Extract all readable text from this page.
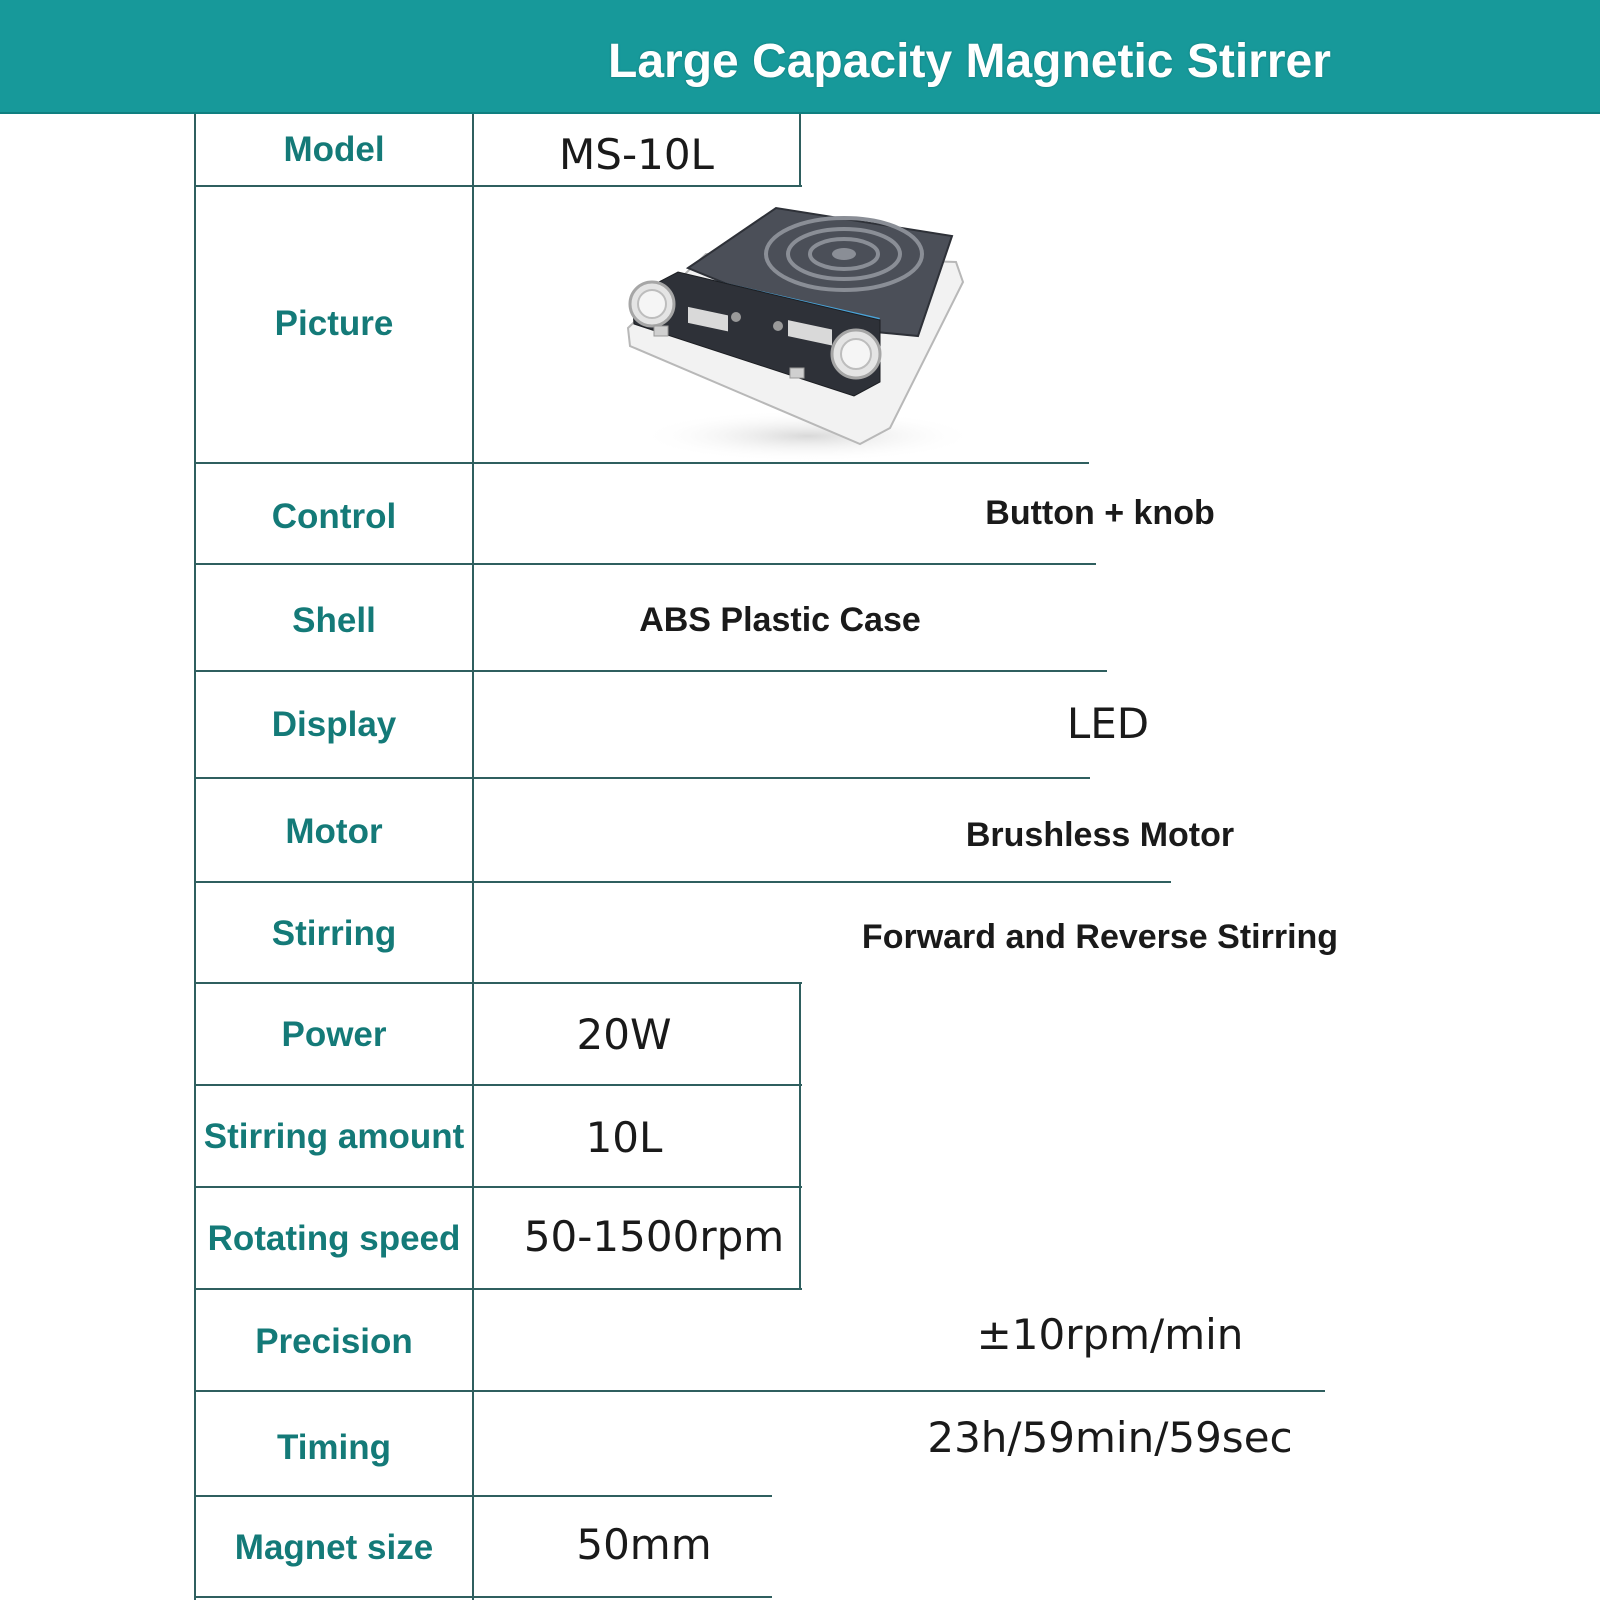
Large Capacity Magnetic Stirrer
Model
Picture
Control
Shell
Display
Motor
Stirring
Power
Stirring amount
Rotating speed
Precision
Timing
Magnet size
MS-10L
Button + knob
ABS Plastic Case
LED
Brushless Motor
Forward and Reverse Stirring
20W
10L
50-1500rpm
±10rpm/min
23h/59min/59sec
50mm
